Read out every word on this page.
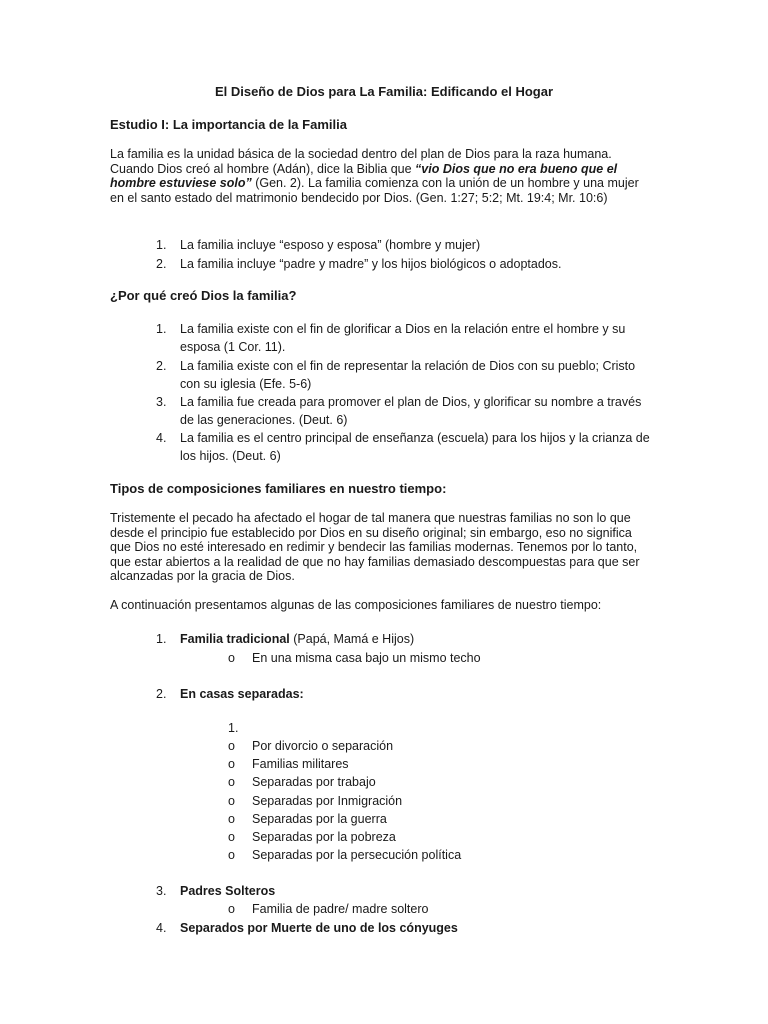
El Diseño de Dios para La Familia: Edificando el Hogar
Estudio I: La importancia de la Familia
La familia es la unidad básica de la sociedad dentro del plan de Dios para la raza humana. Cuando Dios creó al hombre (Adán), dice la Biblia que “vio Dios que no era bueno que el hombre estuviese solo” (Gen. 2). La familia comienza con la unión de un hombre y una mujer en el santo estado del matrimonio bendecido por Dios. (Gen. 1:27; 5:2; Mt. 19:4; Mr. 10:6)
1.	La familia incluye “esposo y esposa” (hombre y mujer)
2.	La familia incluye “padre y madre” y los hijos biológicos o adoptados.
¿Por qué creó Dios la familia?
1.	La familia existe con el fin de glorificar a Dios en la relación entre el hombre y su esposa (1 Cor. 11).
2.	La familia existe con el fin de representar la relación de Dios con su pueblo; Cristo con su iglesia (Efe. 5-6)
3.	La familia fue creada para promover el plan de Dios, y glorificar su nombre a través de las generaciones. (Deut. 6)
4.	La familia es el centro principal de enseñanza (escuela) para los hijos y la crianza de los hijos. (Deut. 6)
Tipos de composiciones familiares en nuestro tiempo:
Tristemente el pecado ha afectado el hogar de tal manera que nuestras familias no son lo que desde el principio fue establecido por Dios en su diseño original; sin embargo, eso no significa que Dios no esté interesado en redimir y bendecir las familias modernas. Tenemos por lo tanto, que estar abiertos a la realidad de que no hay familias demasiado descompuestas para que ser alcanzadas por la gracia de Dios.
A continuación presentamos algunas de las composiciones familiares de nuestro tiempo:
1.	Familia tradicional (Papá, Mamá e Hijos)
o	En una misma casa bajo un mismo techo
2.	En casas separadas:
1.
o	Por divorcio o separación
o	Familias militares
o	Separadas por trabajo
o	Separadas por Inmigración
o	Separadas por la guerra
o	Separadas por la pobreza
o	Separadas por la persecución política
3.	Padres Solteros
o	Familia de padre/ madre soltero
4.	Separados por Muerte de uno de los cónyuges
